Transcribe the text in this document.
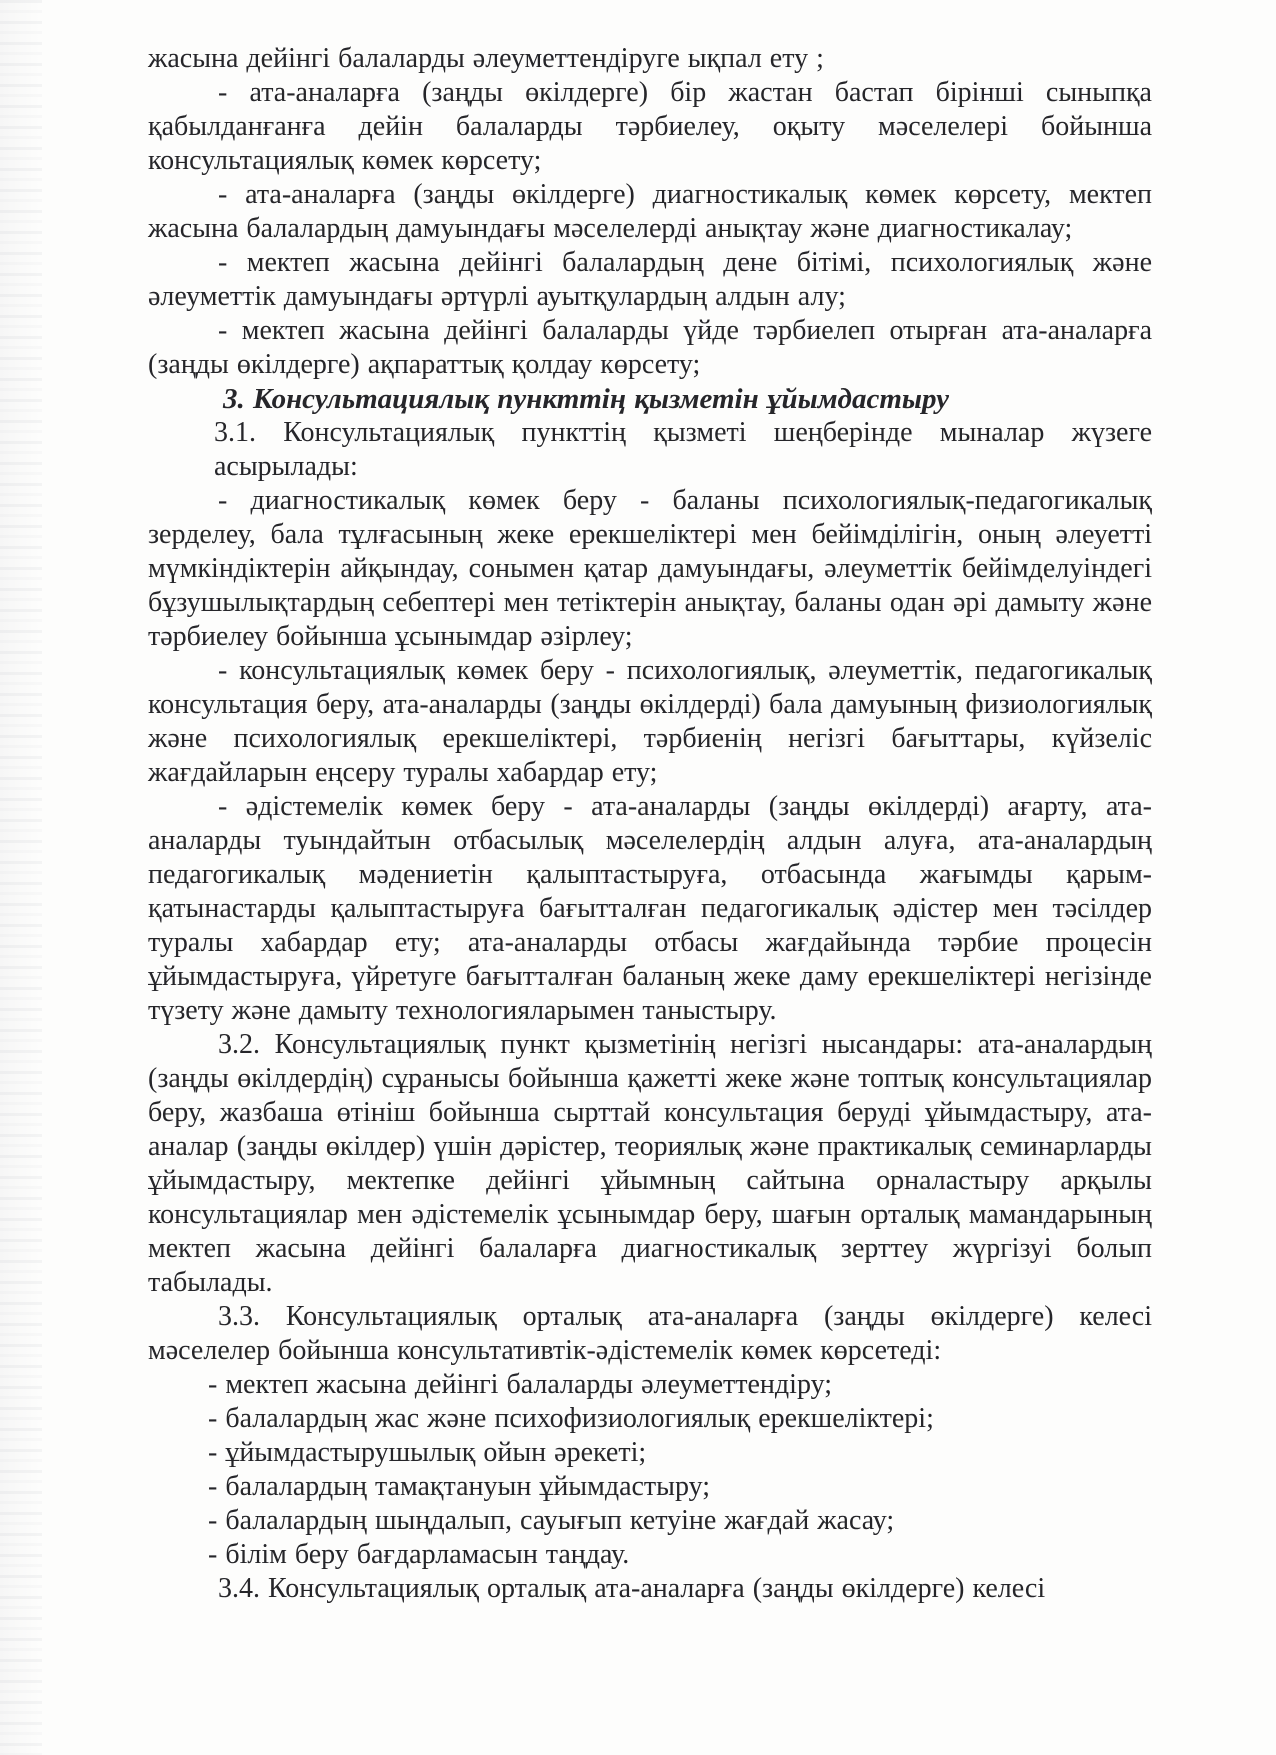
жасына дейінгі балаларды әлеуметтендіруге ықпал ету ;

- ата-аналарға (заңды өкілдерге) бір жастан бастап бірінші сыныпқа қабылданғанға дейін балаларды тәрбиелеу, оқыту мәселелері бойынша консультациялық көмек көрсету;

- ата-аналарға (заңды өкілдерге) диагностикалық көмек көрсету, мектеп жасына балалардың дамуындағы мәселелерді анықтау және диагностикалау;

- мектеп жасына дейінгі балалардың дене бітімі, психологиялық және әлеуметтік дамуындағы әртүрлі ауытқулардың алдын алу;

- мектеп жасына дейінгі балаларды үйде тәрбиелеп отырған ата-аналарға (заңды өкілдерге) ақпараттық қолдау көрсету;

3. Консультациялық пункттің қызметін ұйымдастыру

3.1. Консультациялық пункттің қызметі шеңберінде мыналар жүзеге асырылады:

- диагностикалық көмек беру - баланы психологиялық-педагогикалық зерделеу, бала тұлғасының жеке ерекшеліктері мен бейімділігін, оның әлеуетті мүмкіндіктерін айқындау, сонымен қатар дамуындағы, әлеуметтік бейімделуіндегі бұзушылықтардың себептері мен тетіктерін анықтау, баланы одан әрі дамыту және тәрбиелеу бойынша ұсынымдар әзірлеу;

- консультациялық көмек беру - психологиялық, әлеуметтік, педагогикалық консультация беру, ата-аналарды (заңды өкілдерді) бала дамуының физиологиялық және психологиялық ерекшеліктері, тәрбиенің негізгі бағыттары, күйзеліс жағдайларын еңсеру туралы хабардар ету;

- әдістемелік көмек беру - ата-аналарды (заңды өкілдерді) ағарту, ата-аналарды туындайтын отбасылық мәселелердің алдын алуға, ата-аналардың педагогикалық мәдениетін қалыптастыруға, отбасында жағымды қарым-қатынастарды қалыптастыруға бағытталған педагогикалық әдістер мен тәсілдер туралы хабардар ету; ата-аналарды отбасы жағдайында тәрбие процесін ұйымдастыруға, үйретуге бағытталған баланың жеке даму ерекшеліктері негізінде түзету және дамыту технологияларымен таныстыру.

3.2. Консультациялық пункт қызметінің негізгі нысандары: ата-аналардың (заңды өкілдердің) сұранысы бойынша қажетті жеке және топтық консультациялар беру, жазбаша өтініш бойынша сырттай консультация беруді ұйымдастыру, ата-аналар (заңды өкілдер) үшін дәрістер, теориялық және практикалық семинарларды ұйымдастыру, мектепке дейінгі ұйымның сайтына орналастыру арқылы консультациялар мен әдістемелік ұсынымдар беру, шағын орталық мамандарының мектеп жасына дейінгі балаларға диагностикалық зерттеу жүргізуі болып табылады.

3.3. Консультациялық орталық ата-аналарға (заңды өкілдерге) келесі мәселелер бойынша консультативтік-әдістемелік көмек көрсетеді:

- мектеп жасына дейінгі балаларды әлеуметтендіру;

- балалардың жас және психофизиологиялық ерекшеліктері;

- ұйымдастырушылық ойын әрекеті;

- балалардың тамақтануын ұйымдастыру;

- балалардың шыңдалып, сауығып кетуіне жағдай жасау;

- білім беру бағдарламасын таңдау.

3.4. Консультациялық орталық ата-аналарға (заңды өкілдерге) келесі
